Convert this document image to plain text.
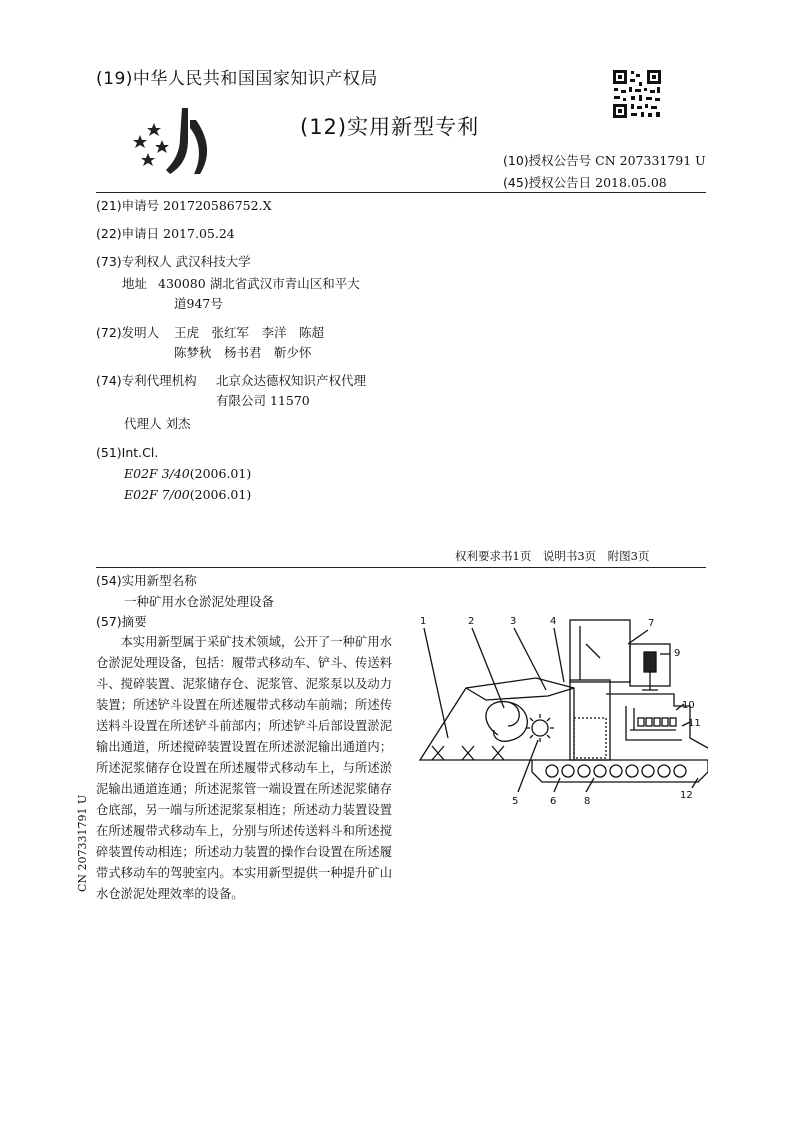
(19)中华人民共和国国家知识产权局
(12)实用新型专利
(10)授权公告号 CN 207331791 U
(45)授权公告日 2018.05.08
(21)申请号 201720586752.X
(22)申请日 2017.05.24
(73)专利权人 武汉科技大学
地址 430080 湖北省武汉市青山区和平大
道947号
(72)发明人 王虎　张红军　李洋　陈超
陈梦秋　杨书君　靳少怀
(74)专利代理机构 北京众达德权知识产权代理
有限公司 11570
代理人 刘杰
(51)Int.Cl.
E02F 3/40(2006.01)
E02F 7/00(2006.01)
权利要求书1页　说明书3页　附图3页
(54)实用新型名称
一种矿用水仓淤泥处理设备
(57)摘要
本实用新型属于采矿技术领域，公开了一种矿用水仓淤泥处理设备，包括：履带式移动车、铲斗、传送料斗、搅碎装置、泥浆储存仓、泥浆管、泥浆泵以及动力装置；所述铲斗设置在所述履带式移动车前端；所述传送料斗设置在所述铲斗前部内；所述铲斗后部设置淤泥输出通道，所述搅碎装置设置在所述淤泥输出通道内；所述泥浆储存仓设置在所述履带式移动车上，与所述淤泥输出通道连通；所述泥浆管一端设置在所述泥浆储存仓底部，另一端与所述泥浆泵相连；所述动力装置设置在所述履带式移动车上，分别与所述传送料斗和所述搅碎装置传动相连；所述动力装置的操作台设置在所述履带式移动车的驾驶室内。本实用新型提供一种提升矿山水仓淤泥处理效率的设备。
CN 207331791 U
1	2	3	4	7
9
10
11
12
8
6
5
